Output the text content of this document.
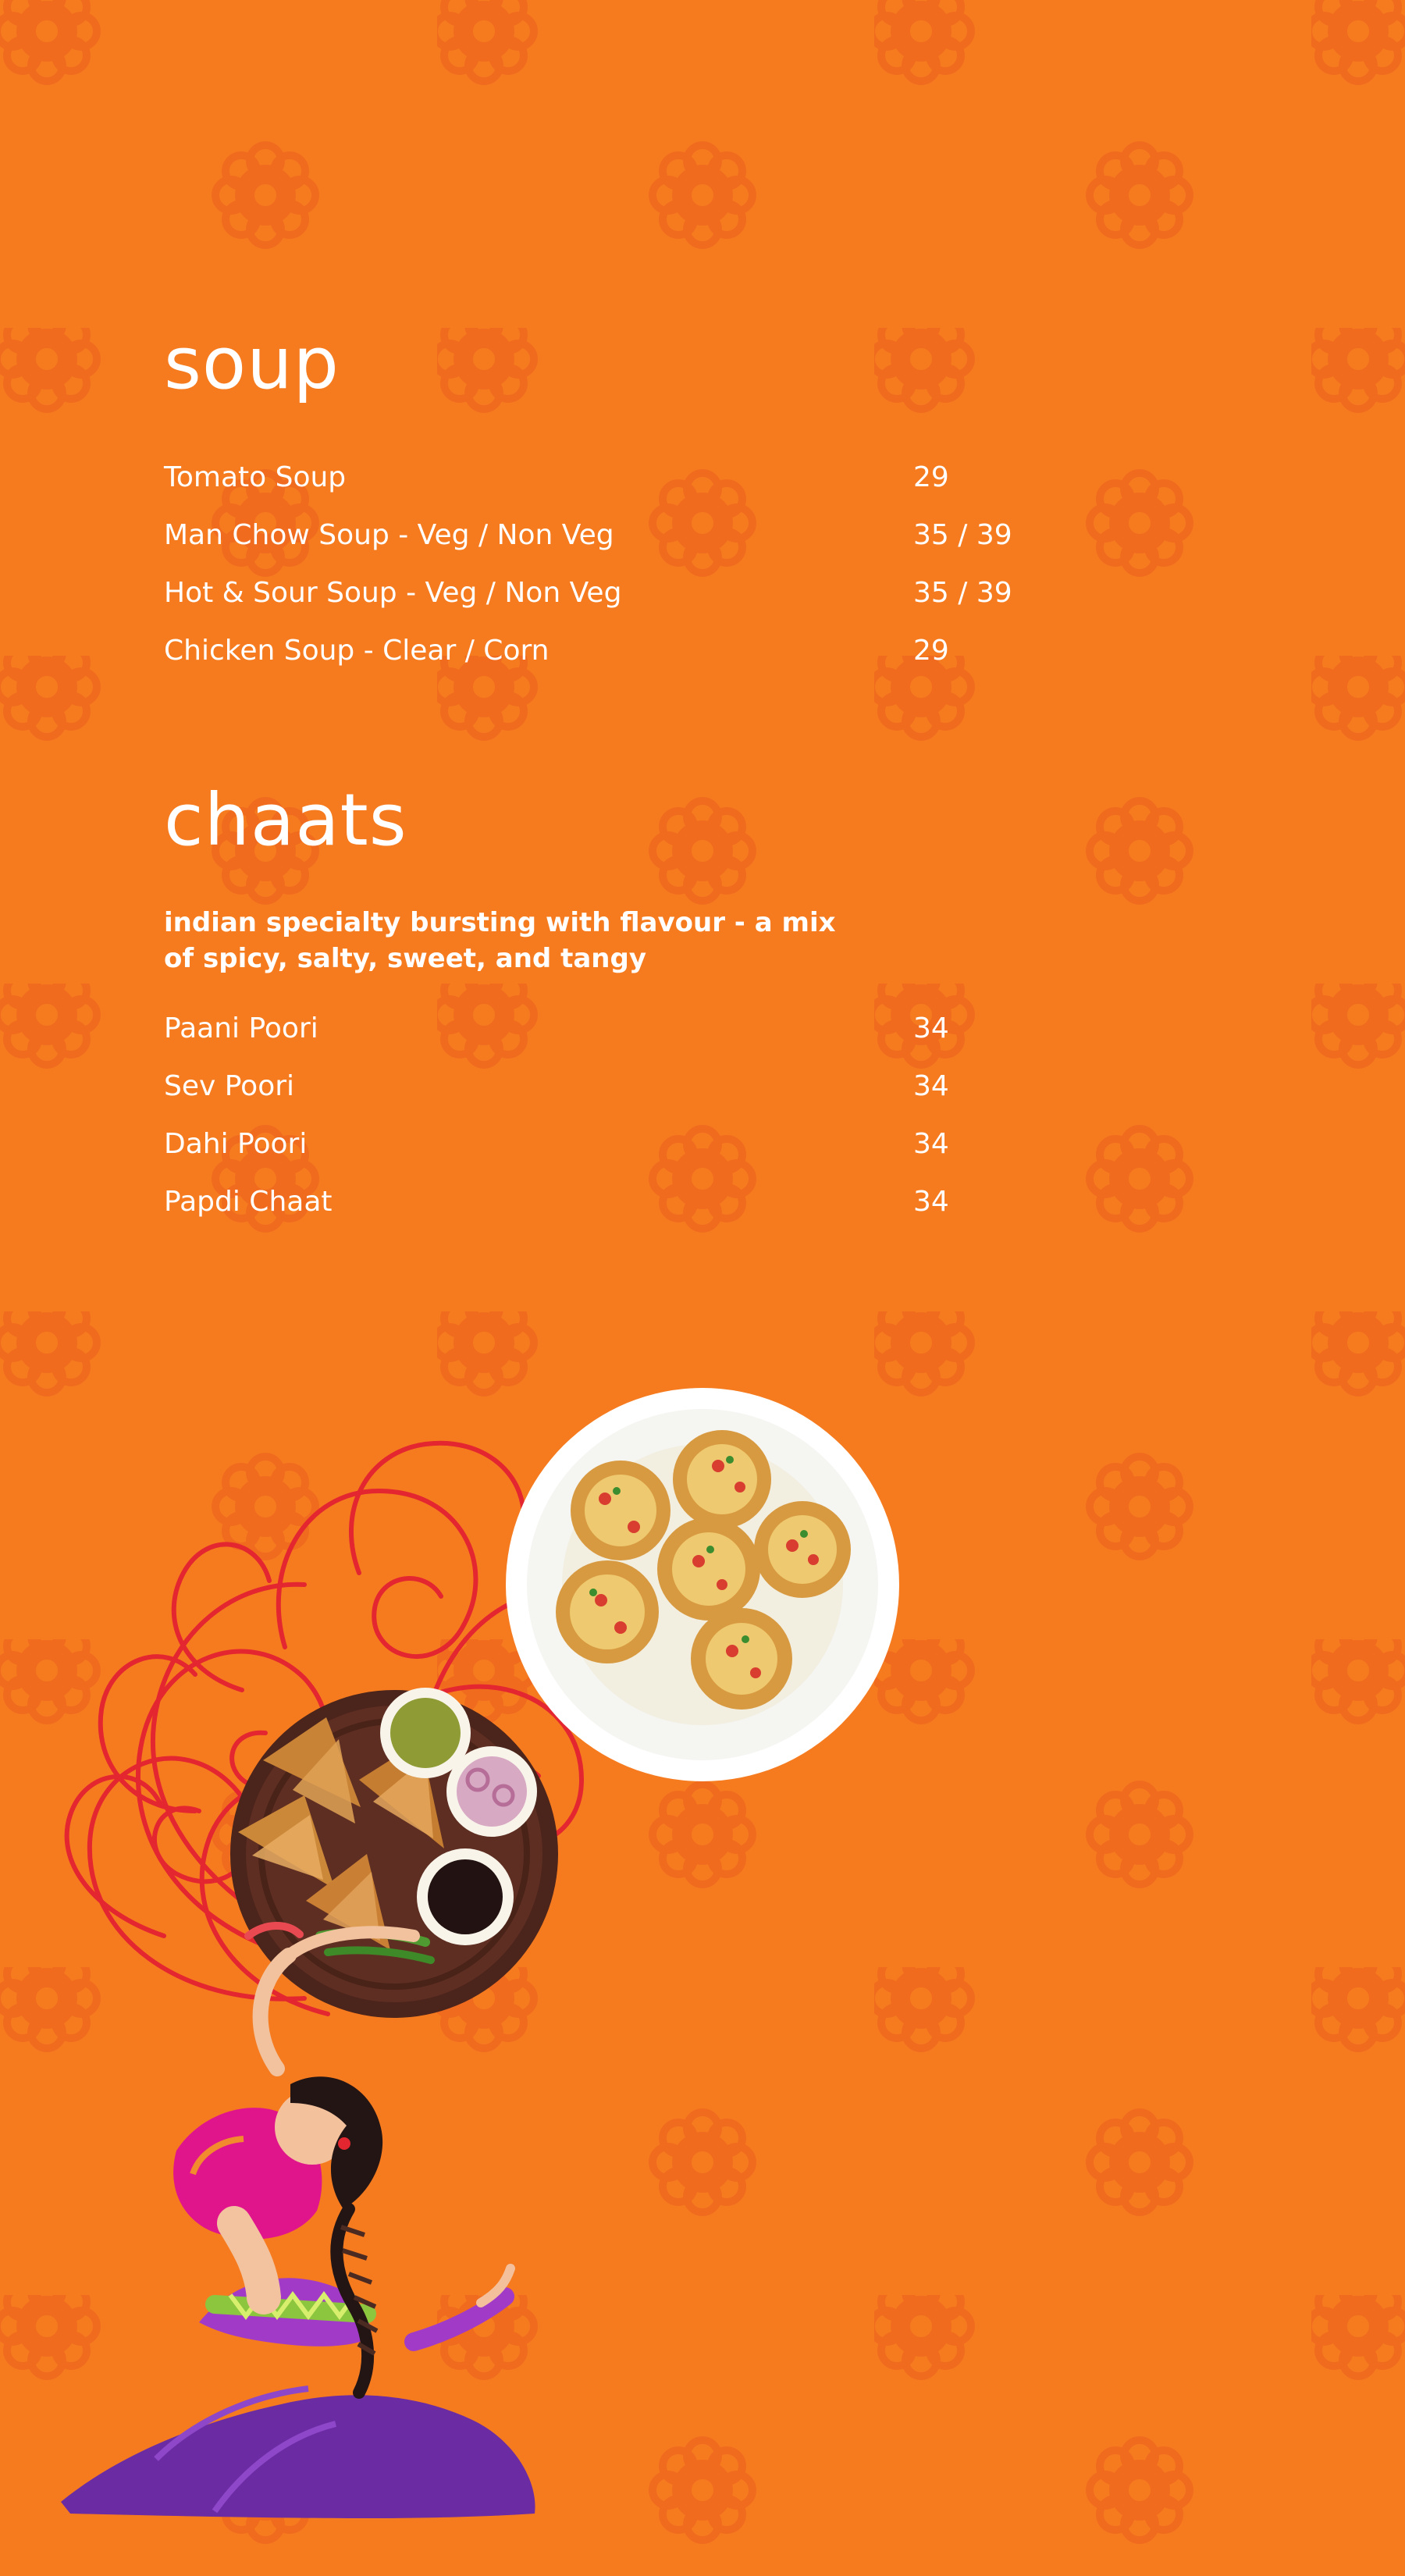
soup
Tomato Soup	29
Man Chow Soup - Veg / Non Veg	35 / 39
Hot & Sour Soup - Veg / Non Veg	35 / 39
Chicken Soup - Clear / Corn	29
chaats

indian specialty bursting with flavour - a mix of spicy, salty, sweet, and tangy

Paani Poori	34
Sev Poori	34
Dahi Poori	34
Papdi Chaat	34
